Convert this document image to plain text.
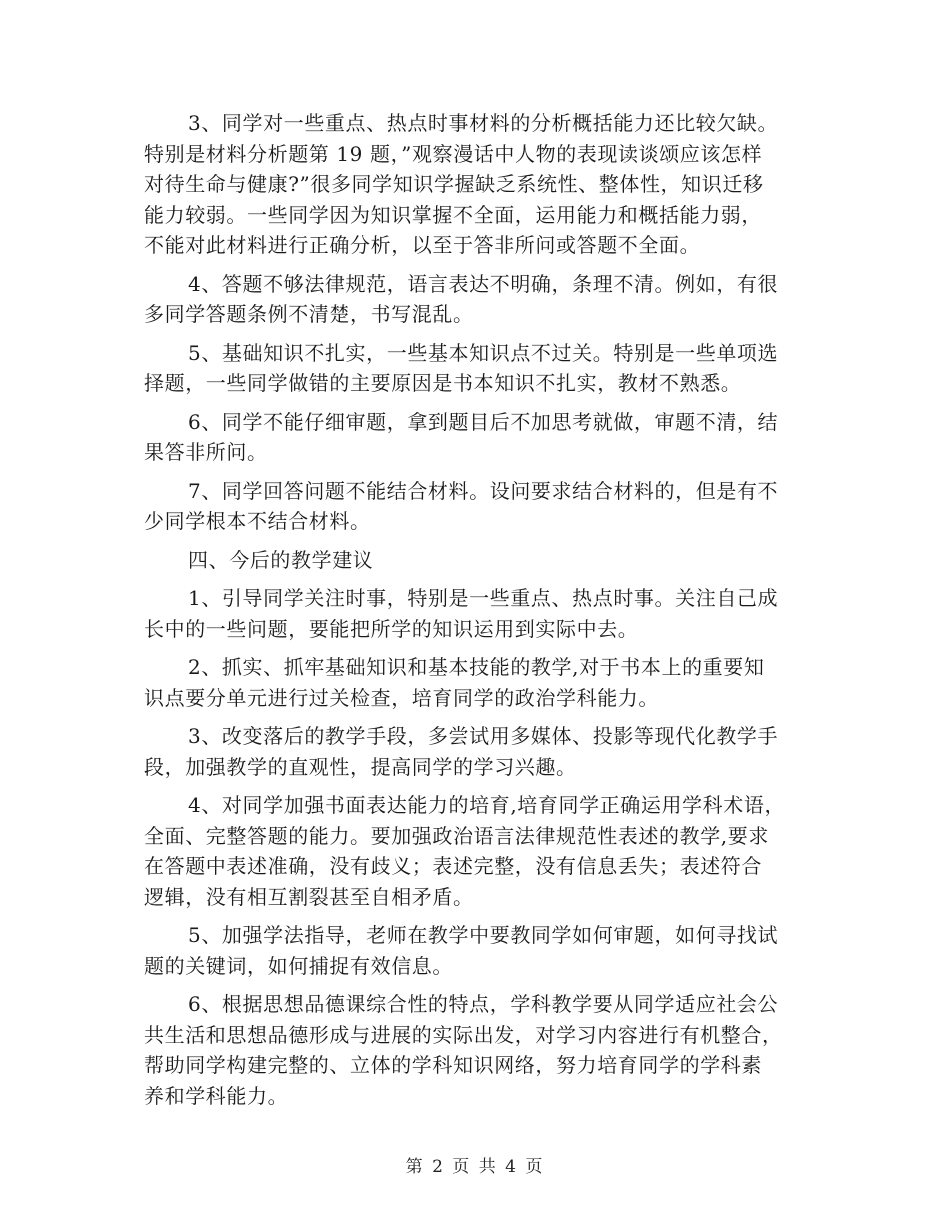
3、同学对一些重点、热点时事材料的分析概括能力还比较欠缺。
特别是材料分析题第 19 题，”观察漫话中人物的表现读谈颂应该怎样
对待生命与健康?”很多同学知识学握缺乏系统性、整体性，知识迁移
能力较弱。一些同学因为知识掌握不全面，运用能力和概括能力弱，
不能对此材料进行正确分析，以至于答非所问或答题不全面。
4、答题不够法律规范，语言表达不明确，条理不清。例如，有很
多同学答题条例不清楚，书写混乱。
5、基础知识不扎实，一些基本知识点不过关。特别是一些单项选
择题，一些同学做错的主要原因是书本知识不扎实，教材不熟悉。
6、同学不能仔细审题，拿到题目后不加思考就做，审题不清，结
果答非所问。
7、同学回答问题不能结合材料。设问要求结合材料的，但是有不
少同学根本不结合材料。
四、今后的教学建议
1、引导同学关注时事，特别是一些重点、热点时事。关注自己成
长中的一些问题，要能把所学的知识运用到实际中去。
2、抓实、抓牢基础知识和基本技能的教学,对于书本上的重要知
识点要分单元进行过关检查，培育同学的政治学科能力。
3、改变落后的教学手段，多尝试用多媒体、投影等现代化教学手
段，加强教学的直观性，提高同学的学习兴趣。
4、对同学加强书面表达能力的培育,培育同学正确运用学科术语，
全面、完整答题的能力。要加强政治语言法律规范性表述的教学,要求
在答题中表述准确，没有歧义；表述完整，没有信息丢失；表述符合
逻辑，没有相互割裂甚至自相矛盾。
5、加强学法指导，老师在教学中要教同学如何审题，如何寻找试
题的关键词，如何捕捉有效信息。
6、根据思想品德课综合性的特点，学科教学要从同学适应社会公
共生活和思想品德形成与进展的实际出发，对学习内容进行有机整合，
帮助同学构建完整的、立体的学科知识网络，努力培育同学的学科素
养和学科能力。
第 2 页 共 4 页
